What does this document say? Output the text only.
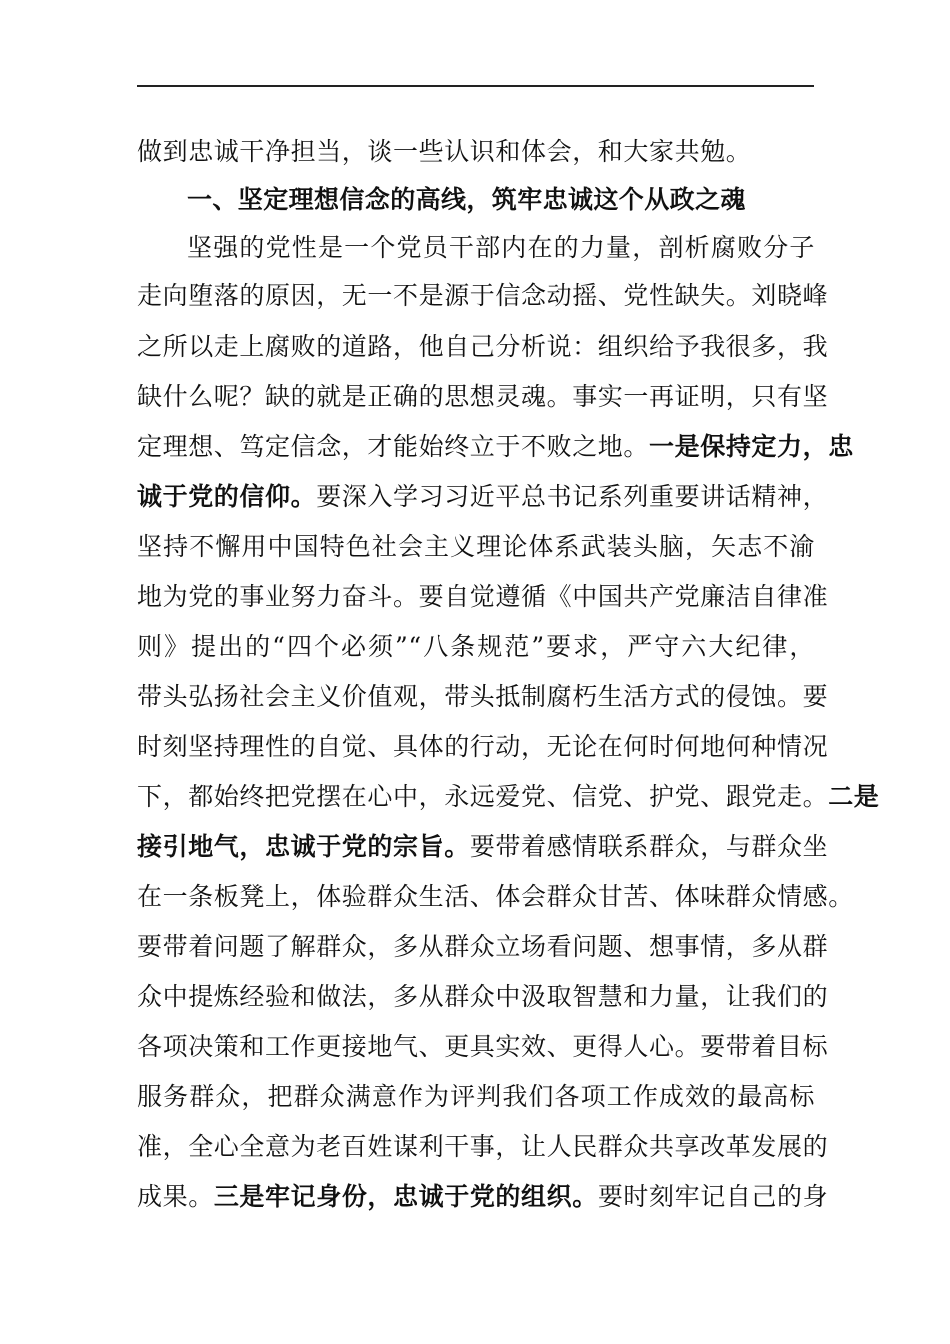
做到忠诚干净担当，谈一些认识和体会，和大家共勉。
一、坚定理想信念的高线，筑牢忠诚这个从政之魂
坚强的党性是一个党员干部内在的力量，剖析腐败分子
走向堕落的原因，无一不是源于信念动摇、党性缺失。刘晓峰
之所以走上腐败的道路，他自己分析说：组织给予我很多，我
缺什么呢？缺的就是正确的思想灵魂。事实一再证明，只有坚
定理想、笃定信念，才能始终立于不败之地。一是保持定力，忠
诚于党的信仰。要深入学习习近平总书记系列重要讲话精神，
坚持不懈用中国特色社会主义理论体系武装头脑，矢志不渝
地为党的事业努力奋斗。要自觉遵循《中国共产党廉洁自律准
则》提出的“四个必须”“八条规范”要求，严守六大纪律，
带头弘扬社会主义价值观，带头抵制腐朽生活方式的侵蚀。要
时刻坚持理性的自觉、具体的行动，无论在何时何地何种情况
下，都始终把党摆在心中，永远爱党、信党、护党、跟党走。二是
接引地气，忠诚于党的宗旨。要带着感情联系群众，与群众坐
在一条板凳上，体验群众生活、体会群众甘苦、体味群众情感。
要带着问题了解群众，多从群众立场看问题、想事情，多从群
众中提炼经验和做法，多从群众中汲取智慧和力量，让我们的
各项决策和工作更接地气、更具实效、更得人心。要带着目标
服务群众，把群众满意作为评判我们各项工作成效的最高标
准，全心全意为老百姓谋利干事，让人民群众共享改革发展的
成果。三是牢记身份，忠诚于党的组织。要时刻牢记自己的身
